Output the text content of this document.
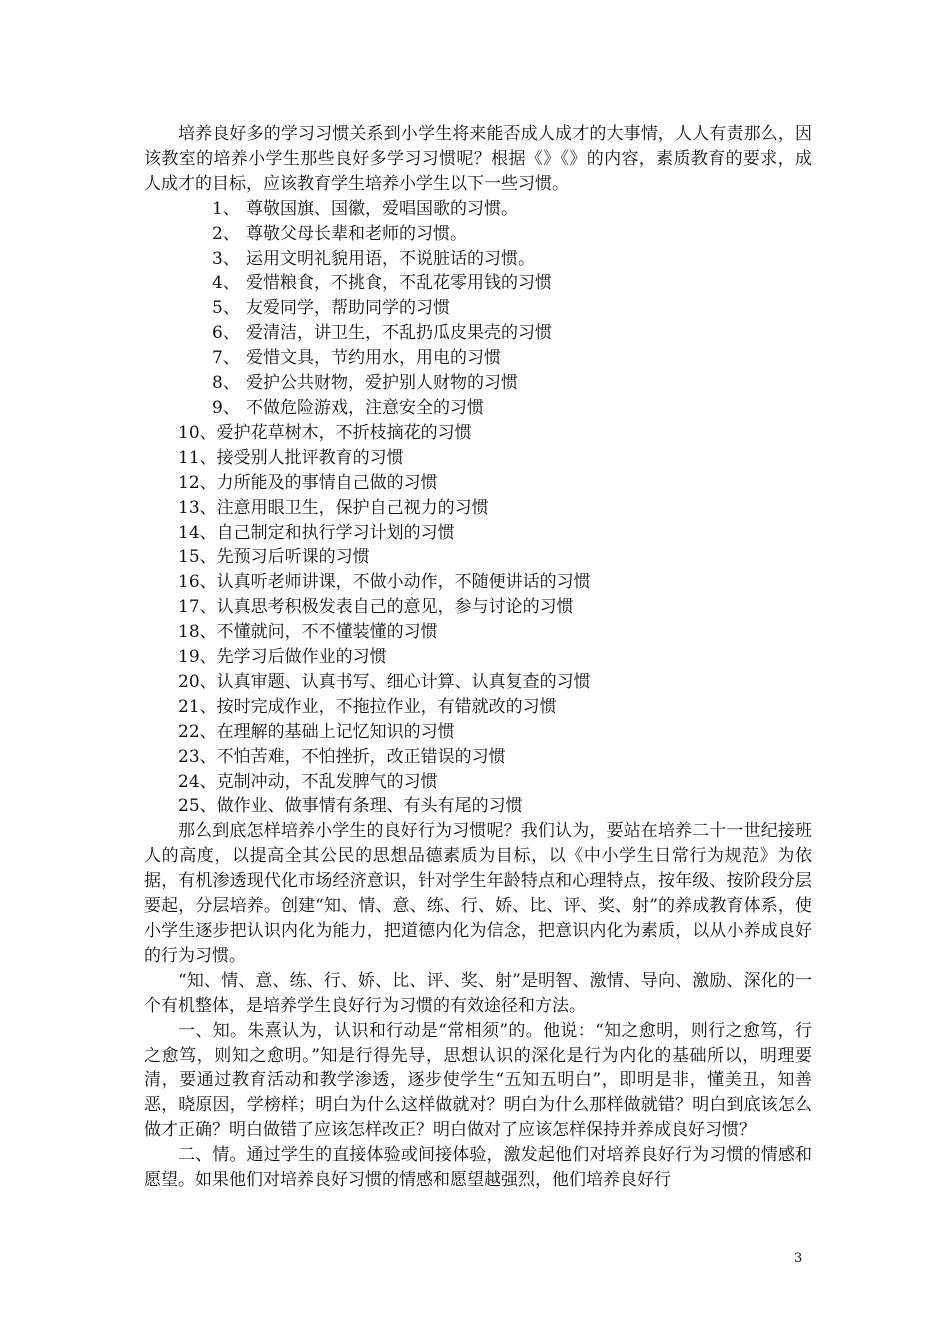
培养良好多的学习习惯关系到小学生将来能否成人成才的大事情，人人有责那么，因该教室的培养小学生那些良好多学习习惯呢？根据《》《》的内容，素质教育的要求，成人成才的目标，应该教育学生培养小学生以下一些习惯。

1、 尊敬国旗、国徽，爱唱国歌的习惯。
2、 尊敬父母长辈和老师的习惯。
3、 运用文明礼貌用语，不说脏话的习惯。
4、 爱惜粮食，不挑食，不乱花零用钱的习惯
5、 友爱同学，帮助同学的习惯
6、 爱清洁，讲卫生，不乱扔瓜皮果壳的习惯
7、 爱惜文具，节约用水，用电的习惯
8、 爱护公共财物，爱护别人财物的习惯
9、 不做危险游戏，注意安全的习惯
10、爱护花草树木，不折枝摘花的习惯
11、接受别人批评教育的习惯
12、力所能及的事情自己做的习惯
13、注意用眼卫生，保护自己视力的习惯
14、自己制定和执行学习计划的习惯
15、先预习后听课的习惯
16、认真听老师讲课，不做小动作，不随便讲话的习惯
17、认真思考积极发表自己的意见，参与讨论的习惯
18、不懂就问，不不懂装懂的习惯
19、先学习后做作业的习惯
20、认真审题、认真书写、细心计算、认真复查的习惯
21、按时完成作业，不拖拉作业，有错就改的习惯
22、在理解的基础上记忆知识的习惯
23、不怕苦难，不怕挫折，改正错误的习惯
24、克制冲动，不乱发脾气的习惯
25、做作业、做事情有条理、有头有尾的习惯

那么到底怎样培养小学生的良好行为习惯呢？我们认为，要站在培养二十一世纪接班人的高度，以提高全其公民的思想品德素质为目标，以《中小学生日常行为规范》为依据，有机渗透现代化市场经济意识，针对学生年龄特点和心理特点，按年级、按阶段分层要起，分层培养。创建“知、情、意、练、行、娇、比、评、奖、射”的养成教育体系，使小学生逐步把认识内化为能力，把道德内化为信念，把意识内化为素质，以从小养成良好的行为习惯。

“知、情、意、练、行、娇、比、评、奖、射”是明智、激情、导向、激励、深化的一个有机整体，是培养学生良好行为习惯的有效途径和方法。

一、知。朱熹认为，认识和行动是“常相须”的。他说：“知之愈明，则行之愈笃，行之愈笃，则知之愈明。”知是行得先导，思想认识的深化是行为内化的基础所以，明理要清，要通过教育活动和教学渗透，逐步使学生“五知五明白”，即明是非，懂美丑，知善恶，晓原因，学榜样；明白为什么这样做就对？明白为什么那样做就错？明白到底该怎么做才正确？明白做错了应该怎样改正？明白做对了应该怎样保持并养成良好习惯？

二、情。通过学生的直接体验或间接体验，激发起他们对培养良好行为习惯的情感和愿望。如果他们对培养良好习惯的情感和愿望越强烈，他们培养良好行

3
